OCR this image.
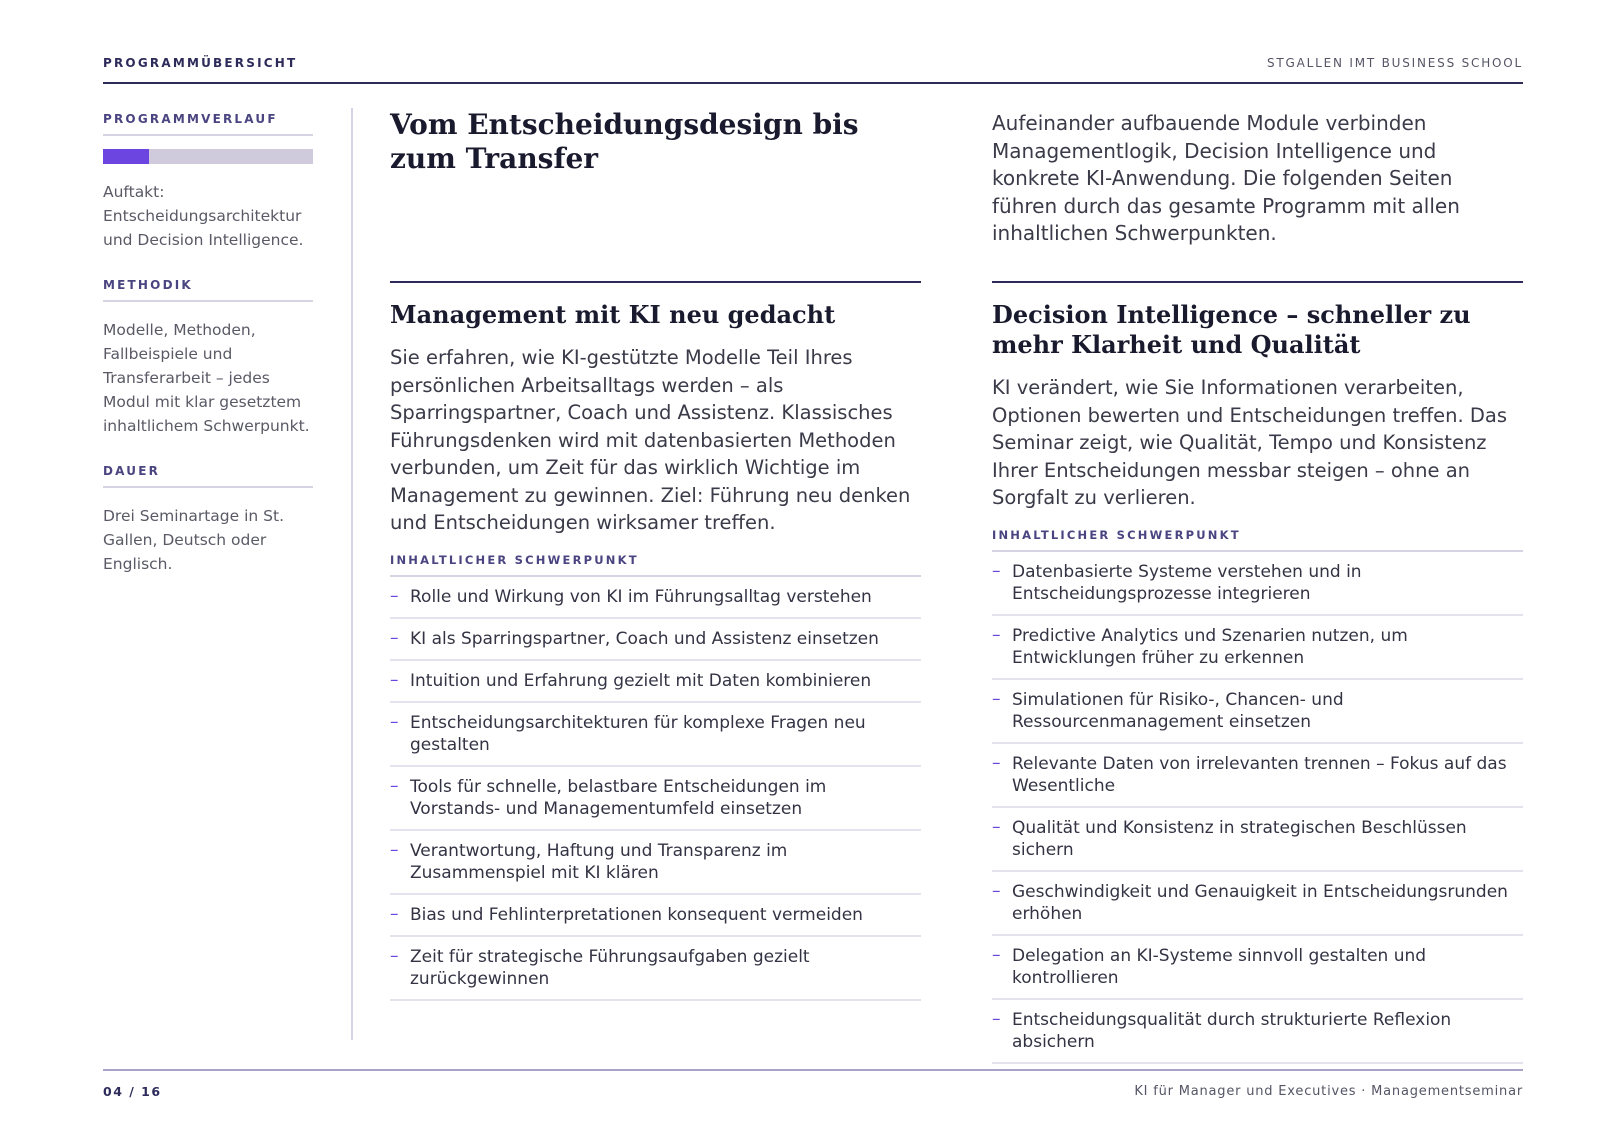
PROGRAMMÜBERSICHT	STGALLEN IMT BUSINESS SCHOOL
PROGRAMMVERLAUF
Auftakt: Entscheidungsarchitektur und Decision Intelligence.
METHODIK
Modelle, Methoden, Fallbeispiele und Transferarbeit – jedes Modul mit klar gesetztem inhaltlichem Schwerpunkt.
DAUER
Drei Seminartage in St. Gallen, Deutsch oder Englisch.
Vom Entscheidungsdesign bis zum Transfer

Aufeinander aufbauende Module verbinden Managementlogik, Decision Intelligence und konkrete KI-Anwendung. Die folgenden Seiten führen durch das gesamte Programm mit allen inhaltlichen Schwerpunkten.

Management mit KI neu gedacht

Sie erfahren, wie KI-gestützte Modelle Teil Ihres persönlichen Arbeitsalltags werden – als Sparringspartner, Coach und Assistenz. Klassisches Führungsdenken wird mit datenbasierten Methoden verbunden, um Zeit für das wirklich Wichtige im Management zu gewinnen. Ziel: Führung neu denken und Entscheidungen wirksamer treffen.

INHALTLICHER SCHWERPUNKT
– Rolle und Wirkung von KI im Führungsalltag verstehen
– KI als Sparringspartner, Coach und Assistenz einsetzen
– Intuition und Erfahrung gezielt mit Daten kombinieren
– Entscheidungsarchitekturen für komplexe Fragen neu gestalten
– Tools für schnelle, belastbare Entscheidungen im Vorstands- und Managementumfeld einsetzen
– Verantwortung, Haftung und Transparenz im Zusammenspiel mit KI klären
– Bias und Fehlinterpretationen konsequent vermeiden
– Zeit für strategische Führungsaufgaben gezielt zurückgewinnen
Decision Intelligence – schneller zu mehr Klarheit und Qualität

KI verändert, wie Sie Informationen verarbeiten, Optionen bewerten und Entscheidungen treffen. Das Seminar zeigt, wie Qualität, Tempo und Konsistenz Ihrer Entscheidungen messbar steigen – ohne an Sorgfalt zu verlieren.

INHALTLICHER SCHWERPUNKT
– Datenbasierte Systeme verstehen und in Entscheidungsprozesse integrieren
– Predictive Analytics und Szenarien nutzen, um Entwicklungen früher zu erkennen
– Simulationen für Risiko-, Chancen- und Ressourcenmanagement einsetzen
– Relevante Daten von irrelevanten trennen – Fokus auf das Wesentliche
– Qualität und Konsistenz in strategischen Beschlüssen sichern
– Geschwindigkeit und Genauigkeit in Entscheidungsrunden erhöhen
– Delegation an KI-Systeme sinnvoll gestalten und kontrollieren
– Entscheidungsqualität durch strukturierte Reflexion absichern
04 / 16	KI für Manager und Executives · Managementseminar
